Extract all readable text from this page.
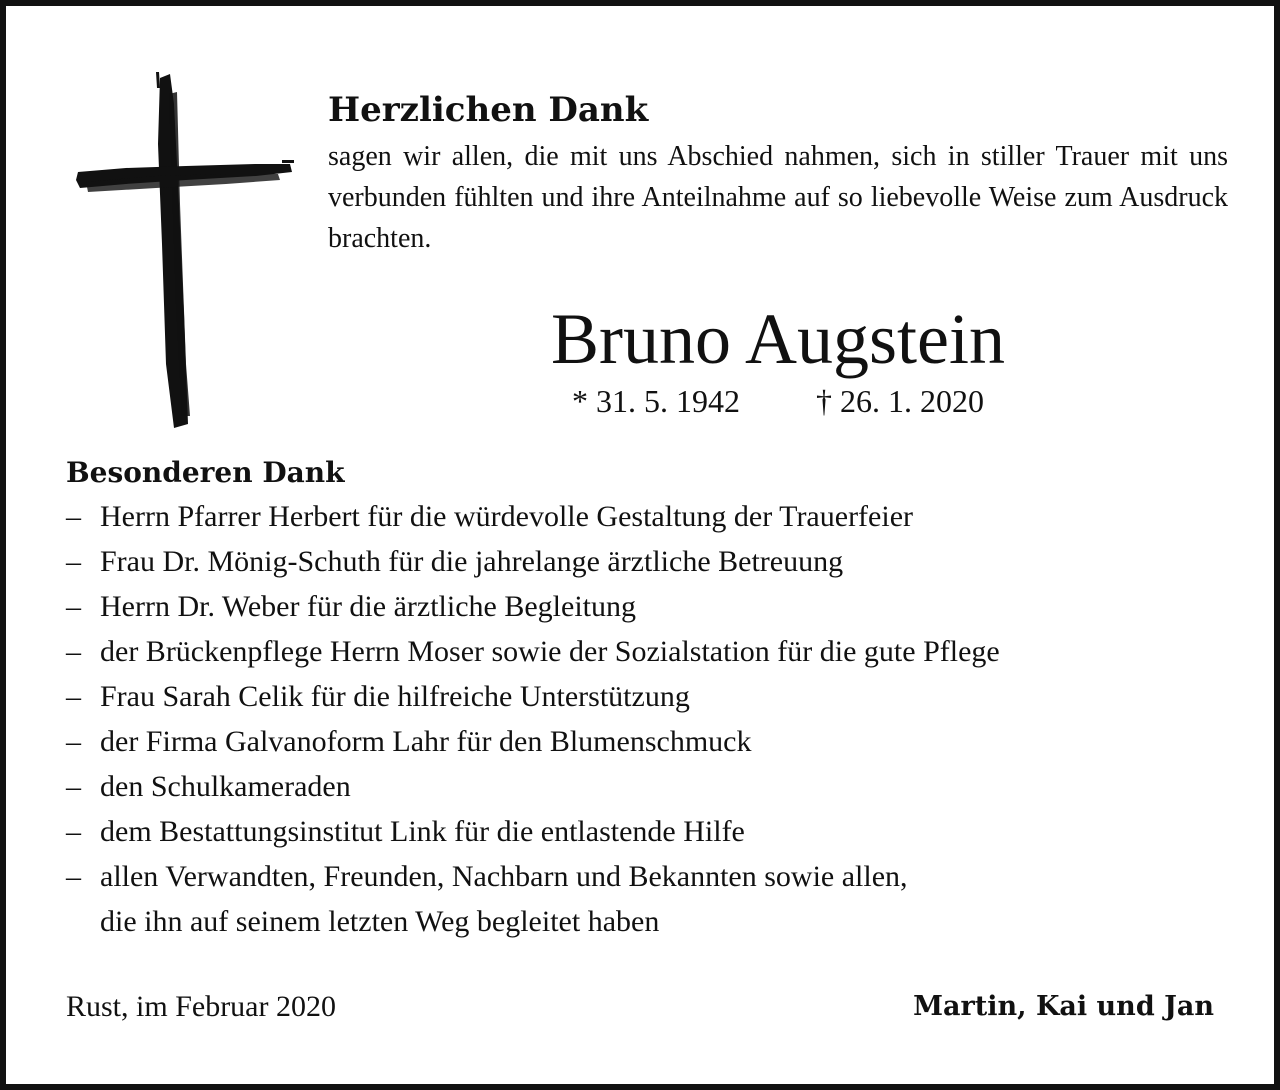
Herzlichen Dank
sagen wir allen, die mit uns Abschied nahmen, sich in stiller Trauer mit uns verbunden fühlten und ihre Anteilnahme auf so liebevolle Weise zum Ausdruck brachten.
Bruno Augstein
* 31. 5. 1942 † 26. 1. 2020
Besonderen Dank
– Herrn Pfarrer Herbert für die würdevolle Gestaltung der Trauerfeier
– Frau Dr. Mönig-Schuth für die jahrelange ärztliche Betreuung
– Herrn Dr. Weber für die ärztliche Begleitung
– der Brückenpflege Herrn Moser sowie der Sozialstation für die gute Pflege
– Frau Sarah Celik für die hilfreiche Unterstützung
– der Firma Galvanoform Lahr für den Blumenschmuck
– den Schulkameraden
– dem Bestattungsinstitut Link für die entlastende Hilfe
– allen Verwandten, Freunden, Nachbarn und Bekannten sowie allen,
die ihn auf seinem letzten Weg begleitet haben
Rust, im Februar 2020	Martin, Kai und Jan
